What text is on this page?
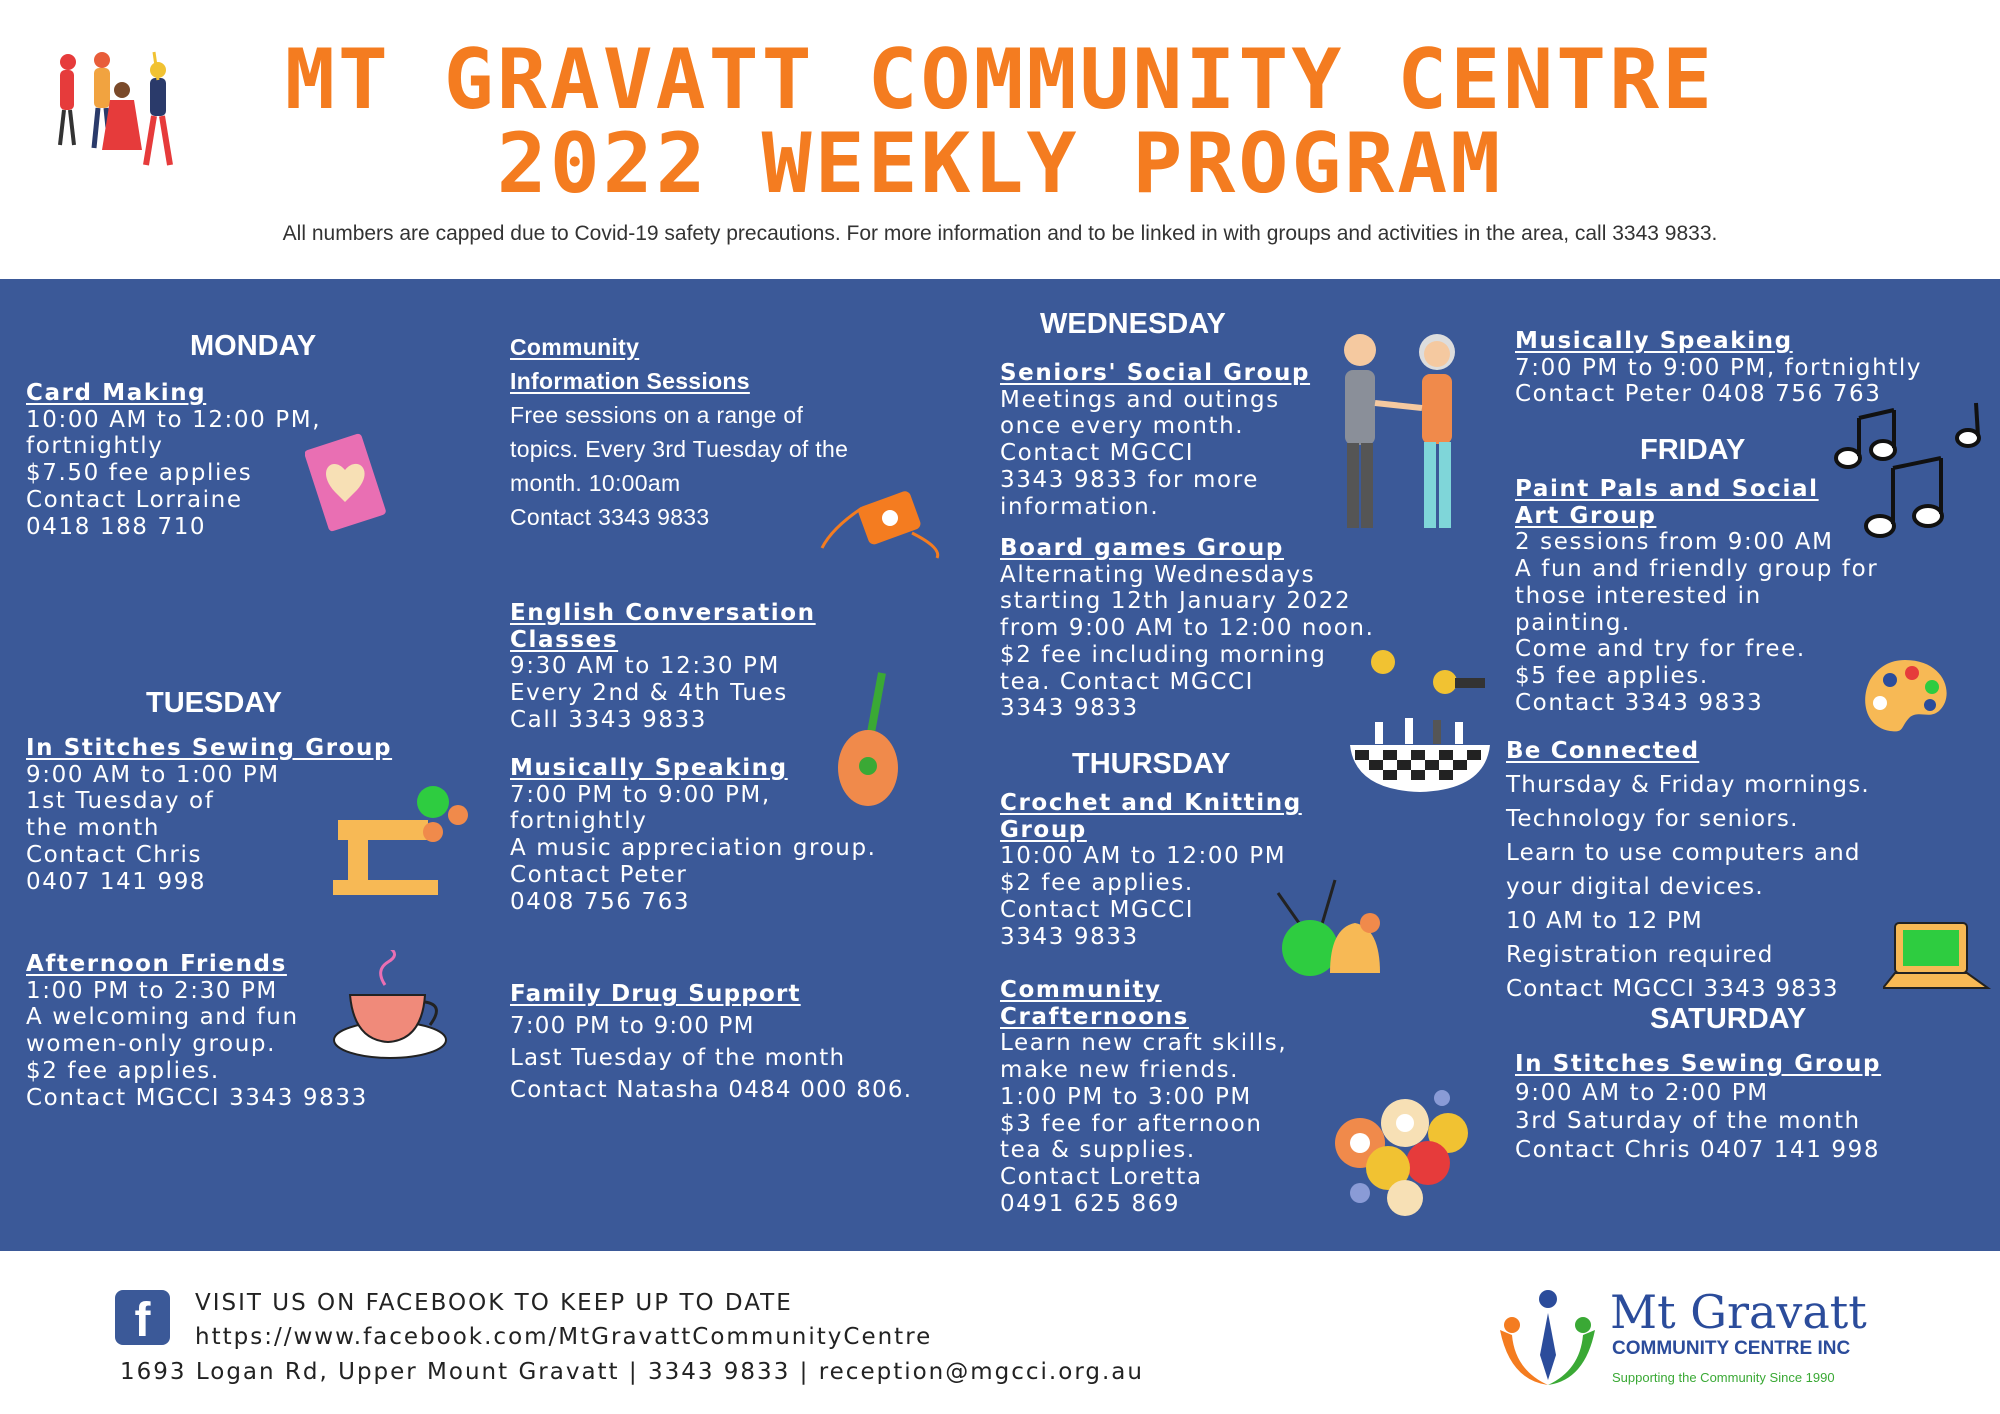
MT GRAVATT COMMUNITY CENTRE
2022 WEEKLY PROGRAM
All numbers are capped due to Covid-19 safety precautions. For more information and to be linked in with groups and activities in the area, call 3343 9833.
MONDAY
Card Making
10:00 AM to 12:00 PM,
fortnightly
$7.50 fee applies
Contact Lorraine
0418 188 710
TUESDAY
In Stitches Sewing Group
9:00 AM to 1:00 PM
1st Tuesday of
the month
Contact Chris
0407 141 998
Afternoon Friends
1:00 PM to 2:30 PM
A welcoming and fun
women-only group.
$2 fee applies.
Contact MGCCI 3343 9833
Community
Information Sessions
Free sessions on a range of
topics. Every 3rd Tuesday of the
month. 10:00am
Contact 3343 9833
English Conversation
Classes
9:30 AM to 12:30 PM
Every 2nd & 4th Tues
Call 3343 9833
Musically Speaking
7:00 PM to 9:00 PM,
fortnightly
A music appreciation group.
Contact Peter
0408 756 763
Family Drug Support
7:00 PM to 9:00 PM
Last Tuesday of the month
Contact Natasha 0484 000 806.
WEDNESDAY
Seniors' Social Group
Meetings and outings
once every month.
Contact MGCCI
3343 9833 for more
information.
Board games Group
Alternating Wednesdays
starting 12th January 2022
from 9:00 AM to 12:00 noon.
$2 fee including morning
tea. Contact MGCCI
3343 9833
THURSDAY
Crochet and Knitting
Group
10:00 AM to 12:00 PM
$2 fee applies.
Contact MGCCI
3343 9833
Community
Crafternoons
Learn new craft skills,
make new friends.
1:00 PM to 3:00 PM
$3 fee for afternoon
tea & supplies.
Contact Loretta
0491 625 869
Musically Speaking
7:00 PM to 9:00 PM, fortnightly
Contact Peter 0408 756 763
FRIDAY
Paint Pals and Social
Art Group
2 sessions from 9:00 AM
A fun and friendly group for
those interested in
painting.
Come and try for free.
$5 fee applies.
Contact 3343 9833
Be Connected
Thursday & Friday mornings.
Technology for seniors.
Learn to use computers and
your digital devices.
10 AM to 12 PM
Registration required
Contact MGCCI 3343 9833
SATURDAY
In Stitches Sewing Group
9:00 AM to 2:00 PM
3rd Saturday of the month
Contact Chris 0407 141 998
f	VISIT US ON FACEBOOK TO KEEP UP TO DATE
https://www.facebook.com/MtGravattCommunityCentre
1693 Logan Rd, Upper Mount Gravatt | 3343 9833 | reception@mgcci.org.au
Mt Gravatt
COMMUNITY CENTRE INC
Supporting the Community Since 1990
